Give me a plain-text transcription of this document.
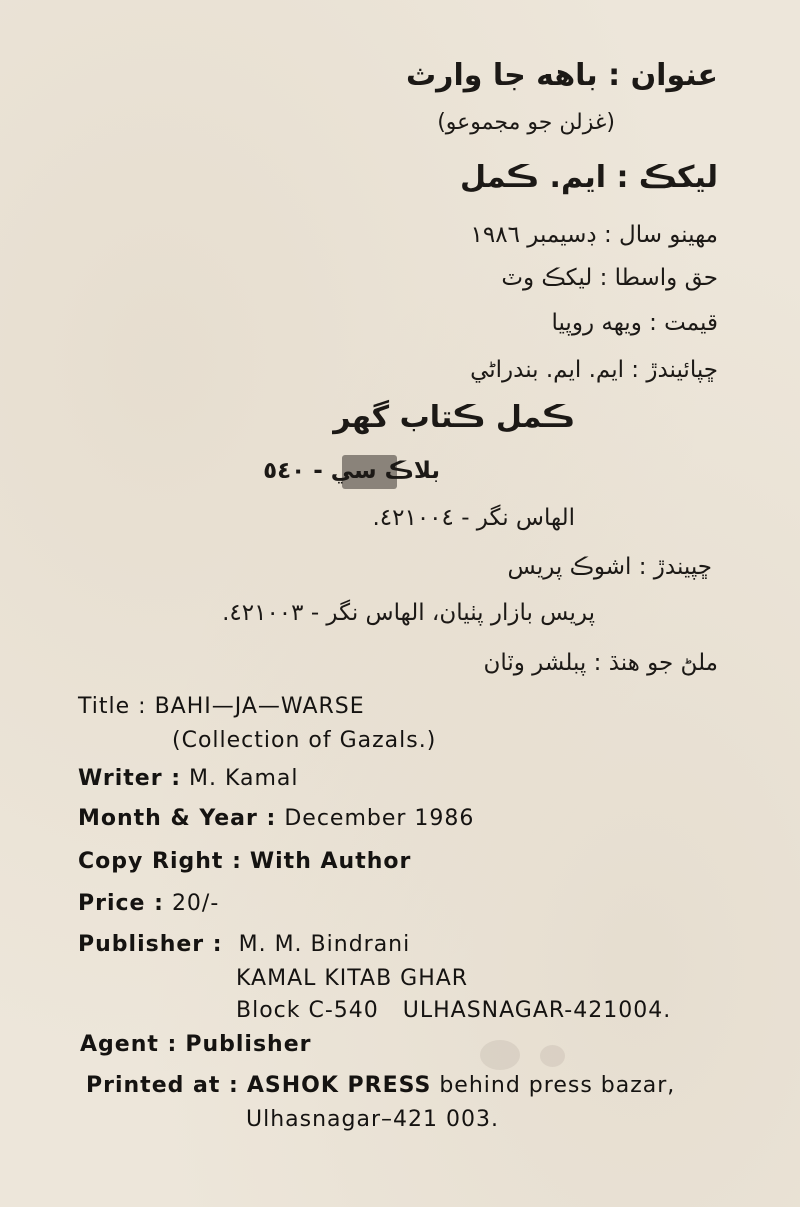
عنوان : باهه جا وارث
(غزلن جو مجموعو)
ليکڪ : ايم. ڪمل
مهينو سال : ڊسيمبر ١٩٨٦
حق واسطا : ليکڪ وٽ
قيمت : ويهه روپيا
ڇپائيندڙ : ايم. ايم. بندراڻي
ڪمل ڪتاب گهر
بلاڪ سي - ٥٤٠
الهاس نگر - ٤٢١٠٠٤.
ڇپيندڙ : اشوڪ پريس
پريس بازار پٺيان، الهاس نگر - ٤٢١٠٠٣.
ملڻ جو هنڌ : پبلشر وٽان
Title : BAHI—JA—WARSE
(Collection of Gazals.)
Writer : M. Kamal
Month & Year : December 1986
Copy Right : With Author
Price : 20/-
Publisher : M. M. Bindrani
KAMAL KITAB GHAR
Block C-540   ULHASNAGAR-421004.
Agent : Publisher
Printed at : ASHOK PRESS behind press bazar,
Ulhasnagar–421 003.
